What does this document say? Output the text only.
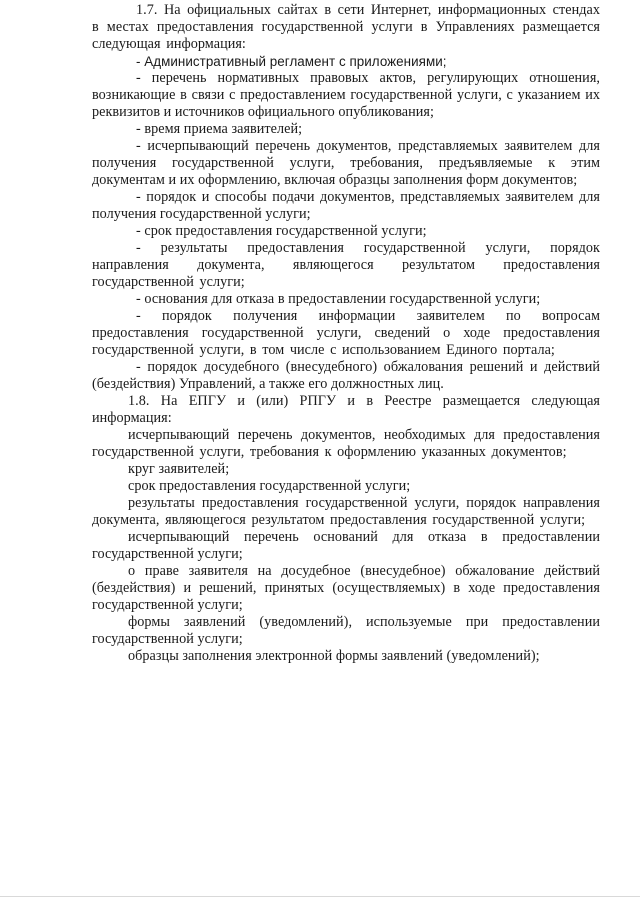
1.7. На официальных сайтах в сети Интернет, информационных стендах в местах предоставления государственной услуги в Управлениях размещается следующая информация:

- Административный регламент с приложениями;

- перечень нормативных правовых актов, регулирующих отношения, возникающие в связи с предоставлением государственной услуги, с указанием их реквизитов и источников официального опубликования;

- время приема заявителей;

- исчерпывающий перечень документов, представляемых заявителем для получения государственной услуги, требования, предъявляемые к этим документам и их оформлению, включая образцы заполнения форм документов;

- порядок и способы подачи документов, представляемых заявителем для получения государственной услуги;

- срок предоставления государственной услуги;

- результаты предоставления государственной услуги, порядок направления документа, являющегося результатом предоставления государственной услуги;

- основания для отказа в предоставлении государственной услуги;

- порядок получения информации заявителем по вопросам предоставления государственной услуги, сведений о ходе предоставления государственной услуги, в том числе с использованием Единого портала;

- порядок досудебного (внесудебного) обжалования решений и действий (бездействия) Управлений, а также его должностных лиц.

1.8. На ЕПГУ и (или) РПГУ и в Реестре размещается следующая информация:

исчерпывающий перечень документов, необходимых для предоставления государственной услуги, требования к оформлению указанных документов;

круг заявителей;

срок предоставления государственной услуги;

результаты предоставления государственной услуги, порядок направления документа, являющегося результатом предоставления государственной услуги;

исчерпывающий перечень оснований для отказа в предоставлении государственной услуги;

о праве заявителя на досудебное (внесудебное) обжалование действий (бездействия) и решений, принятых (осуществляемых) в ходе предоставления государственной услуги;

формы заявлений (уведомлений), используемые при предоставлении государственной услуги;

образцы заполнения электронной формы заявлений (уведомлений);
